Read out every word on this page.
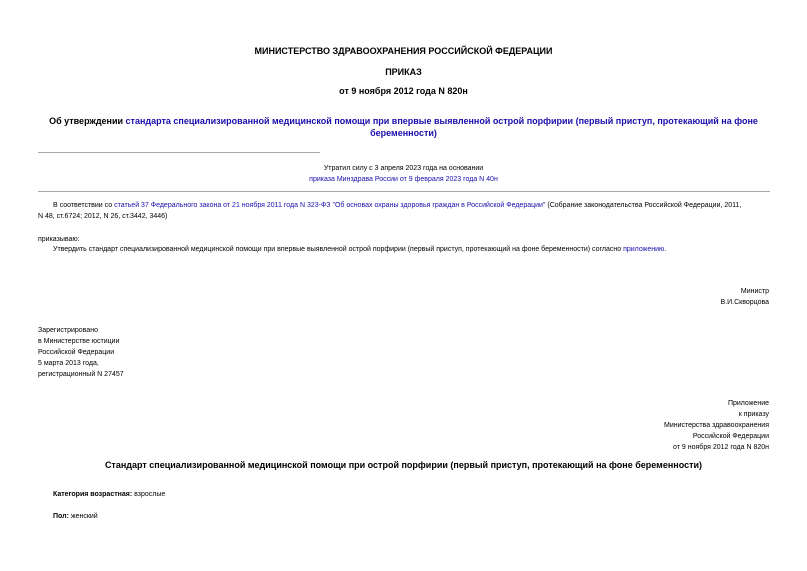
МИНИСТЕРСТВО ЗДРАВООХРАНЕНИЯ РОССИЙСКОЙ ФЕДЕРАЦИИ
ПРИКАЗ
от 9 ноября 2012 года N 820н
Об утверждении стандарта специализированной медицинской помощи при впервые выявленной острой порфирии (первый приступ, протекающий на фоне
беременности)
Утратил силу с 3 апреля 2023 года на основании
приказа Минздрава России от 9 февраля 2023 года N 40н
В соответствии со статьей 37 Федерального закона от 21 ноября 2011 года N 323-ФЗ "Об основах охраны здоровья граждан в Российской Федерации" (Собрание законодательства Российской Федерации, 2011,
N 48, ст.6724; 2012, N 26, ст.3442, 3446)
приказываю:
Утвердить стандарт специализированной медицинской помощи при впервые выявленной острой порфирии (первый приступ, протекающий на фоне беременности) согласно приложению.
Министр
В.И.Скворцова
Зарегистрировано
в Министерстве юстиции
Российской Федерации
5 марта 2013 года,
регистрационный N 27457
Приложение
к приказу
Министерства здравоохранения
Российской Федерации
от 9 ноября 2012 года N 820н
Стандарт специализированной медицинской помощи при острой порфирии (первый приступ, протекающий на фоне беременности)
Категория возрастная: взрослые
Пол: женский
